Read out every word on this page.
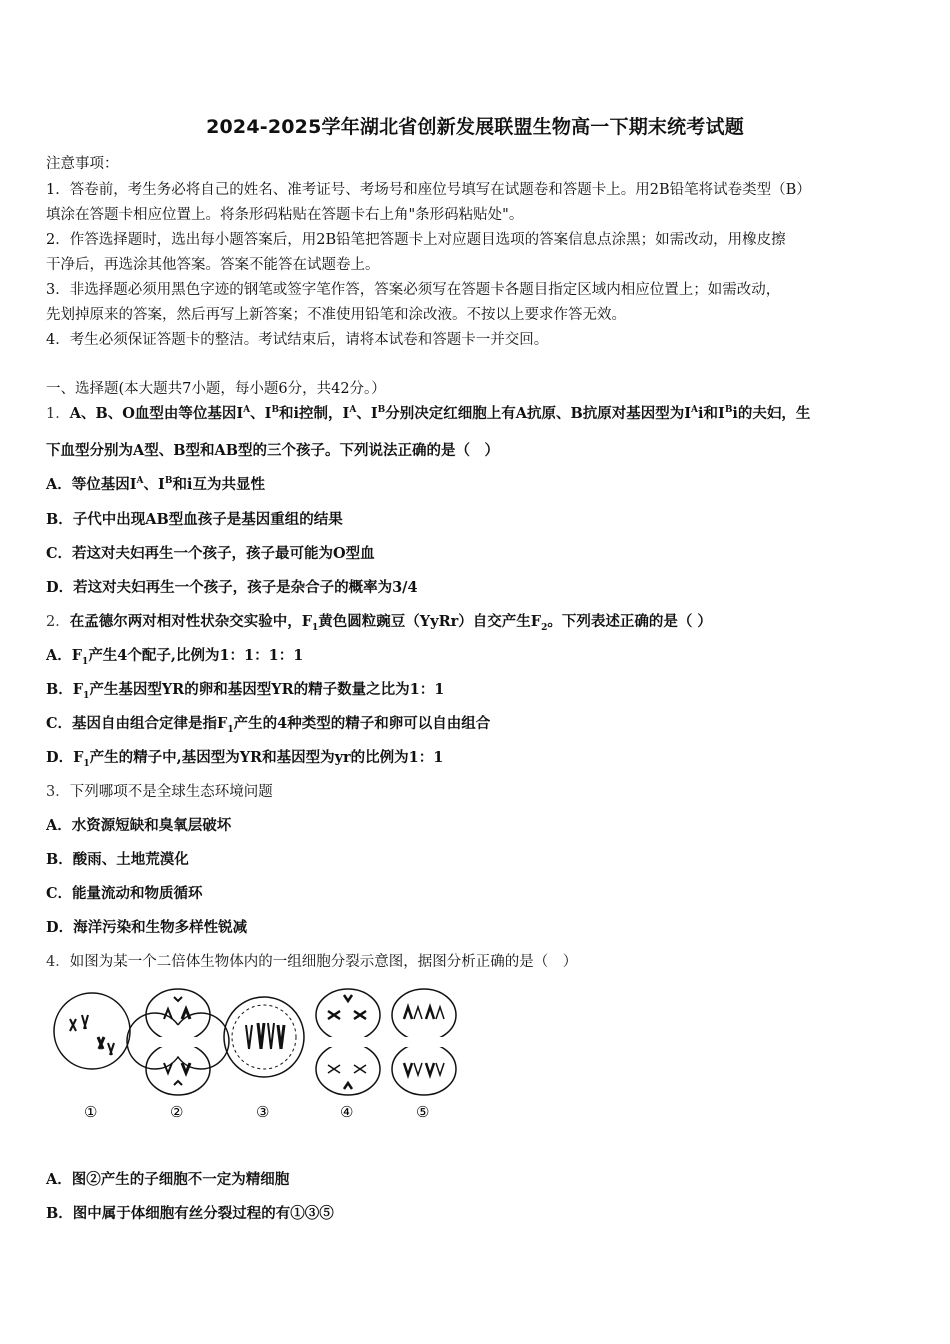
2024-2025学年湖北省创新发展联盟生物高一下期末统考试题
注意事项：
1．答卷前，考生务必将自己的姓名、准考证号、考场号和座位号填写在试题卷和答题卡上。用2B铅笔将试卷类型（B）
填涂在答题卡相应位置上。将条形码粘贴在答题卡右上角"条形码粘贴处"。
2．作答选择题时，选出每小题答案后，用2B铅笔把答题卡上对应题目选项的答案信息点涂黑；如需改动，用橡皮擦
干净后，再选涂其他答案。答案不能答在试题卷上。
3．非选择题必须用黑色字迹的钢笔或签字笔作答，答案必须写在答题卡各题目指定区域内相应位置上；如需改动，
先划掉原来的答案，然后再写上新答案；不准使用铅笔和涂改液。不按以上要求作答无效。
4．考生必须保证答题卡的整洁。考试结束后，请将本试卷和答题卡一并交回。
一、选择题(本大题共7小题，每小题6分，共42分。）
1．A、B、O血型由等位基因$I^A$、$I^B$和i控制，$I^A$、$I^B$分别决定红细胞上有A抗原、B抗原对基因型为$I^Ai$和$I^Bi$的夫妇，生
下血型分别为A型、B型和AB型的三个孩子。下列说法正确的是（　）
A．等位基因$I^A$、$I^B$和i互为共显性
B．子代中出现AB型血孩子是基因重组的结果
C．若这对夫妇再生一个孩子，孩子最可能为O型血
D．若这对夫妇再生一个孩子，孩子是杂合子的概率为3/4
2．在孟德尔两对相对性状杂交实验中，$F_1$黄色圆粒豌豆（YyRr）自交产生$F_2$。下列表述正确的是（ ）
A．$F_1$产生4个配子,比例为1：1：1：1
B．$F_1$产生基因型YR的卵和基因型YR的精子数量之比为1：1
C．基因自由组合定律是指$F_1$产生的4种类型的精子和卵可以自由组合
D．$F_1$产生的精子中,基因型为YR和基因型为yr的比例为1：1
3．下列哪项不是全球生态环境问题
A．水资源短缺和臭氧层破坏
B．酸雨、土地荒漠化
C．能量流动和物质循环
D．海洋污染和生物多样性锐减
4．如图为某一个二倍体生物体内的一组细胞分裂示意图，据图分析正确的是（　）
①	②	③	④	⑤
A．图②产生的子细胞不一定为精细胞
B．图中属于体细胞有丝分裂过程的有①③⑤
